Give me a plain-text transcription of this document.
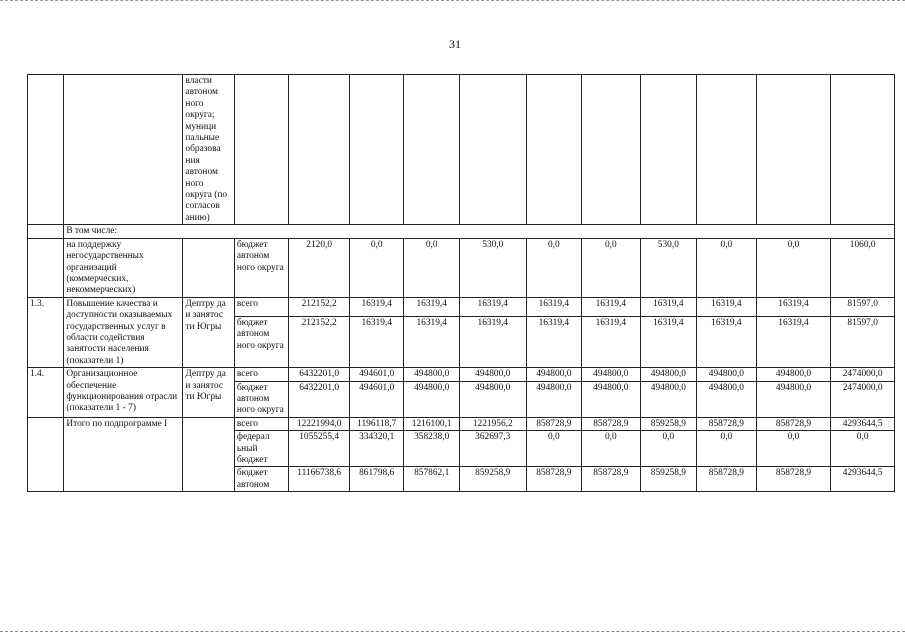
31
		власти автоном ного округа; муници пальные образова ния автоном ного округа (по согласов анию)											
	В том числе:												
	на поддержку негосударственных организаций (коммерческих, некоммерческих)		бюджет автоном ного округа	2120,0	0,0	0,0	530,0	0,0	0,0	530,0	0,0	0,0	1060,0
1.3.	Повышение качества и доступности оказываемых государственных услуг в области содействия занятости населения (показатели 1)	Дептру да и занятос ти Югры	всего	212152,2	16319,4	16319,4	16319,4	16319,4	16319,4	16319,4	16319,4	16319,4	81597,0
			бюджет автоном ного округа	212152,2	16319,4	16319,4	16319,4	16319,4	16319,4	16319,4	16319,4	16319,4	81597,0
1.4.	Организационное обеспечение функционирования отрасли (показатели 1 - 7)	Дептру да и занятос ти Югры	всего	6432201,0	494601,0	494800,0	494800,0	494800,0	494800,0	494800,0	494800,0	494800,0	2474000,0
			бюджет автоном ного округа	6432201,0	494601,0	494800,0	494800,0	494800,0	494800,0	494800,0	494800,0	494800,0	2474000,0
	Итого по подпрограмме I		всего	12221994,0	1196118,7	1216100,1	1221956,2	858728,9	858728,9	859258,9	858728,9	858728,9	4293644,5
			федерал ьный бюджет	1055255,4	334320,1	358238,0	362697,3	0,0	0,0	0,0	0,0	0,0	0,0
			бюджет автоном	11166738,6	861798,6	857862,1	859258,9	858728,9	858728,9	859258,9	858728,9	858728,9	4293644,5
